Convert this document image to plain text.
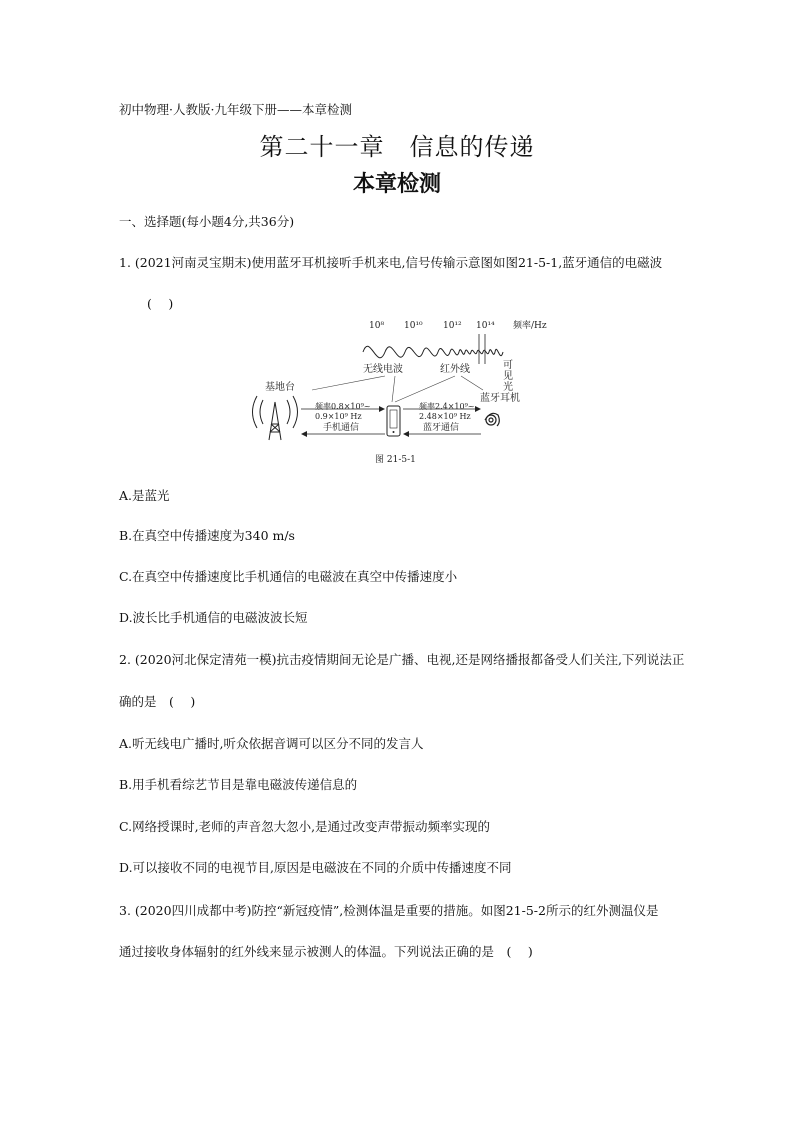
初中物理·人教版·九年级下册——本章检测
第二十一章　信息的传递
本章检测
一、选择题(每小题4分,共36分)
1. (2021河南灵宝期末)使用蓝牙耳机接听手机来电,信号传输示意图如图21-5-1,蓝牙通信的电磁波
(　 )
10⁸ 10¹⁰ 10¹² 10¹⁴ 频率/Hz
无线电波	红外线	可
见
光
基地台
频率0.8×10⁹~
0.9×10⁹ Hz
手机通信
频率2.4×10⁹~
2.48×10⁹ Hz
蓝牙通信
蓝牙耳机
图 21-5-1
A.是蓝光
B.在真空中传播速度为340 m/s
C.在真空中传播速度比手机通信的电磁波在真空中传播速度小
D.波长比手机通信的电磁波波长短
2. (2020河北保定清苑一模)抗击疫情期间无论是广播、电视,还是网络播报都备受人们关注,下列说法正
确的是　(　 )
A.听无线电广播时,听众依据音调可以区分不同的发言人
B.用手机看综艺节目是靠电磁波传递信息的
C.网络授课时,老师的声音忽大忽小,是通过改变声带振动频率实现的
D.可以接收不同的电视节目,原因是电磁波在不同的介质中传播速度不同
3. (2020四川成都中考)防控“新冠疫情”,检测体温是重要的措施。如图21-5-2所示的红外测温仪是
通过接收身体辐射的红外线来显示被测人的体温。下列说法正确的是　(　 )
